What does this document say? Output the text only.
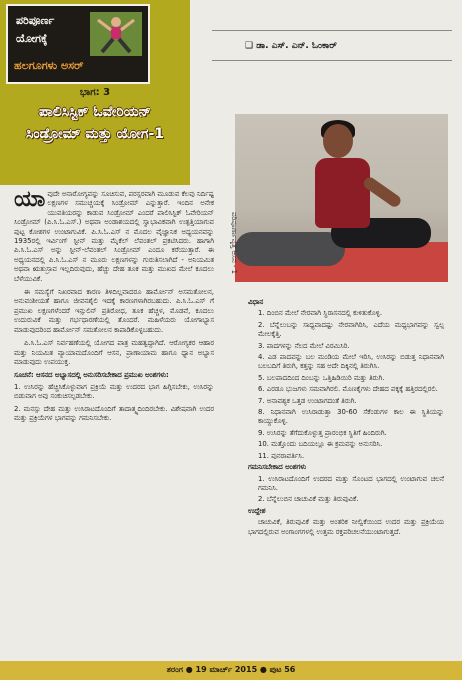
ಪರಿಪೂರ್ಣ
ಯೋಗಕ್ಕೆ
ಹಲಗೂಗಳು ಅಸರ್
ಭಾಗ: 3
ಪಾಲಿಸಿಸ್ಟಿಕ್ ಓವೇರಿಯನ್
ಸಿಂಡ್ರೋಮ್ ಮತ್ತು ಯೋಗ-1
❑ ಡಾ. ಎಸ್. ಎನ್. ಓಂಕಾರ್
ಪರಿಪೂರ್ಣಾವೃತ್ತ ಆಸನ - 1

ಯಾವುದೇ ಅನಾರೋಗ್ಯವನ್ನು ಸೂಚಿಸುವ, ಪರಸ್ಪರವಾಗಿ ಮೂಡುವ ಕೆಲವು ನಿರ್ದಿಷ್ಟ ಲಕ್ಷಣಗಳ ಸಮುಚ್ಚಯಕ್ಕೆ ಸಿಂಡ್ರೋಮ್ ಎನ್ನುತ್ತಾರೆ. ಇಂದಿನ ಅನೇಕ ಯುವತಿಯರನ್ನು ಕಾಡುವ ಸಿಂಡ್ರೋಮ್ ಎಂದರೆ ಪಾಲಿಸಿಸ್ಟಿಕ್ ಓವೇರಿಯನ್ ಸಿಂಡ್ರೋಮ್ (ಪಿ.ಸಿ.ಓ.ಎಸ್.) ಅಥವಾ ಅಂಡಾಶಯದಲ್ಲಿ ಸ್ವಾಭಾವಿಕವಾಗಿ ಉತ್ಪತ್ತಿಯಾಗುವ ಪುಟ್ಟ ಕೋಶಗಳ ಉಂಟಾಗುವಿಕೆ. ಪಿ.ಸಿ.ಓ.ಎಸ್ ನ ಮೊದಲ ವೈಜ್ಞಾನಿಕ ಅಧ್ಯಯನವನ್ನು 1935ರಲ್ಲಿ ಇರ್ವಿಂಗ್ ಸ್ಟೀನ್ ಮತ್ತು ಮೈಕೆಲ್ ಲೆವಂತಲ್ ಪ್ರಕಟಿಸಿದರು. ಹಾಗಾಗಿ ಪಿ.ಸಿ.ಓ.ಎಸ್ ಅನ್ನು ಸ್ಟೀನ್-ಲೆವಂತಲ್ ಸಿಂಡ್ರೋಮ್ ಎಂದೂ ಕರೆಯುತ್ತಾರೆ. ಈ ಅಧ್ಯಯನದಲ್ಲಿ ಪಿ.ಸಿ.ಓ.ಎಸ್ ನ ಮೂರು ಲಕ್ಷಣಗಳನ್ನು ಗುರುತಿಸಲಾಗಿದೆ - ಅನಿಯಮಿತ ಅಥವಾ ಋತುಸ್ರಾವ ಇಲ್ಲದಿರುವುದು, ಹೆಚ್ಚು ದೇಹ ತೂಕ ಮತ್ತು ಮುಖದ ಮೇಲೆ ಕೂದಲು ಬೆಳೆಯುವಿಕೆ.

ಈ ಸಮಸ್ಯೆಗೆ ನಿಖರವಾದ ಕಾರಣ ತಿಳಿದಿಲ್ಲವಾದರೂ ಹಾರ್ಮೋನ್ ಅಸಮತೋಲನ, ಅನುವಂಶೀಯತೆ ಹಾಗೂ ಜೀವನಶೈಲಿ ಇದಕ್ಕೆ ಕಾರಣಗಳಾಗಿರಬಹುದು. ಪಿ.ಸಿ.ಓ.ಎಸ್ ಗೆ ಪ್ರಮುಖ ಲಕ್ಷಣಗಳೆಂದರೆ ಇನ್ಸುಲಿನ್ ಪ್ರತಿರೋಧ, ತೂಕ ಹೆಚ್ಚಳ, ಮೊಡವೆ, ಕೂದಲು ಉದುರುವಿಕೆ ಮತ್ತು ಗರ್ಭಧಾರಣೆಯಲ್ಲಿ ತೊಂದರೆ. ಮಹಿಳೆಯರು ಯೋಗಾಭ್ಯಾಸ ಮಾಡುವುದರಿಂದ ಹಾರ್ಮೋನ್ ಸಮತೋಲನ ಕಾಪಾಡಿಕೊಳ್ಳಬಹುದು.

ಪಿ.ಸಿ.ಓ.ಎಸ್ ನಿರ್ವಹಣೆಯಲ್ಲಿ ಯೋಗದ ಪಾತ್ರ ಮಹತ್ವದ್ದಾಗಿದೆ. ಆರೋಗ್ಯಕರ ಆಹಾರ ಮತ್ತು ನಿಯಮಿತ ವ್ಯಾಯಾಮದೊಂದಿಗೆ ಆಸನ, ಪ್ರಾಣಾಯಾಮ ಹಾಗೂ ಧ್ಯಾನ ಅಭ್ಯಾಸ ಮಾಡುವುದು ಉಪಯುಕ್ತ.

ಸೂಚನೆ: ಆಸನದ ಅಭ್ಯಾಸದಲ್ಲಿ ಅನುಸರಿಸಬೇಕಾದ ಪ್ರಮುಖ ಅಂಶಗಳು:

1. ಉಸಿರನ್ನು ಹೆಚ್ಚಿಸಿಕೊಳ್ಳುವಾಗ ಪ್ರಕ್ರಿಯೆ ಮತ್ತು ಉದರದ ಭಾಗ ಹಿಗ್ಗಿಸಬೇಕು, ಉಸಿರನ್ನು ಬಿಡುವಾಗ ಅವು ಸಂಕುಚಿಸಲ್ಪಡಬೇಕು.

2. ಮನಸ್ಸು ದೇಹ ಮತ್ತು ಉಸಿರಾಟದೊಂದಿಗೆ ತಾದಾತ್ಮ್ಯದಿಂದಿರಬೇಕು. ವಿಶೇಷವಾಗಿ ಉದರ ಮತ್ತು ಪ್ರಕ್ರಿಯೆಗಳ ಭಾಗವನ್ನು ಗಮನಿಸಬೇಕು.

ವಿಧಾನ

1. ದಿಂಬಿನ ಮೇಲೆ ನೇರವಾಗಿ ಸ್ಥಿರಾಸನದಲ್ಲಿ ಕುಳಿತುಕೊಳ್ಳಿ.

2. ಬೆನ್ನೆಲುಬನ್ನು ಸಾಧ್ಯವಾದಷ್ಟು ನೇರವಾಗಿರಿಸಿ, ಎದೆಯ ಮಧ್ಯಭಾಗವನ್ನು ಸ್ವಲ್ಪ ಮೇಲಕ್ಕೆತ್ತಿ.

3. ಪಾದಗಳನ್ನು ನೆಲದ ಮೇಲೆ ವಿರಮಿಸಿರಿ.

4. ಎಡ ಪಾದವನ್ನು ಬಲ ಮಂಡಿಯ ಮೇಲೆ ಇರಿಸಿ, ಉಸಿರನ್ನು ಬಿಡುತ್ತ ನಿಧಾನವಾಗಿ ಬಲಬದಿಗೆ ತಿರುಗಿ, ಕತ್ತನ್ನು ಸಹ ಅದೇ ದಿಕ್ಕಿನಲ್ಲಿ ತಿರುಗಿಸಿ.

5. ಬಲಪಾದದಿಂದ ದಿಂಬನ್ನು ಒತ್ತಿಹಿಡಿಯಿರಿ ಮತ್ತು ತಿರುಗಿ.

6. ಎರಡೂ ಭುಜಗಳು ಸಮವಾಗಿರಲಿ. ಮೊಣಕೈಗಳು ದೇಹದ ಪಕ್ಕಕ್ಕೆ ಹತ್ತಿರದಲ್ಲಿರಲಿ.

7. ಅನಾವಶ್ಯಕ ಒತ್ತಡ ಉಂಟಾಗದಂತೆ ತಿರುಗಿ.

8. ನಿಧಾನವಾಗಿ ಉಸಿರಾಡುತ್ತಾ 30-60 ಸೆಕೆಂಡುಗಳ ಕಾಲ ಈ ಸ್ಥಿತಿಯನ್ನು ಕಾಯ್ದುಕೊಳ್ಳಿ.

9. ಉಸಿರನ್ನು ತೆಗೆದುಕೊಳ್ಳುತ್ತ ಪ್ರಾರಂಭಿಕ ಸ್ಥಿತಿಗೆ ಹಿಂದಿರುಗಿ.

10. ಮತ್ತೊಂದು ಬದಿಯಲ್ಲೂ ಈ ಕ್ರಮವನ್ನು ಅನುಸರಿಸಿ.

11. ಪುನರಾವರ್ತಿಸಿ.

ಗಮನಿಸಬೇಕಾದ ಅಂಶಗಳು

1. ಉಸಿರಾಟದೊಂದಿಗೆ ಉದರದ ಮತ್ತು ಸೊಂಟದ ಭಾಗದಲ್ಲಿ ಉಂಟಾಗುವ ಚಲನೆ ಗಮನಿಸಿ.

2. ಬೆನ್ನೆಲುಬಿನ ಚಾಚುವಿಕೆ ಮತ್ತು ತಿರುವುವಿಕೆ.

ಉದ್ದೇಶ

ಚಾಚುವಿಕೆ, ತಿರುವುವಿಕೆ ಮತ್ತು ಅಂತರಿಕ ನೀಲ್ವಿಕೆಯಿಂದ ಉದರ ಮತ್ತು ಪ್ರಕ್ರಿಯೆಯ ಭಾಗದಲ್ಲಿರುವ ಅಂಗಾಂಗಗಳಲ್ಲಿ ಉತ್ತಮ ರಕ್ತಪರಿಚಲನೆಯುಂಟಾಗುತ್ತದೆ.

ತರಂಗ ● 19 ಮಾರ್ಚ್ 2015 ● ಪುಟ 56
